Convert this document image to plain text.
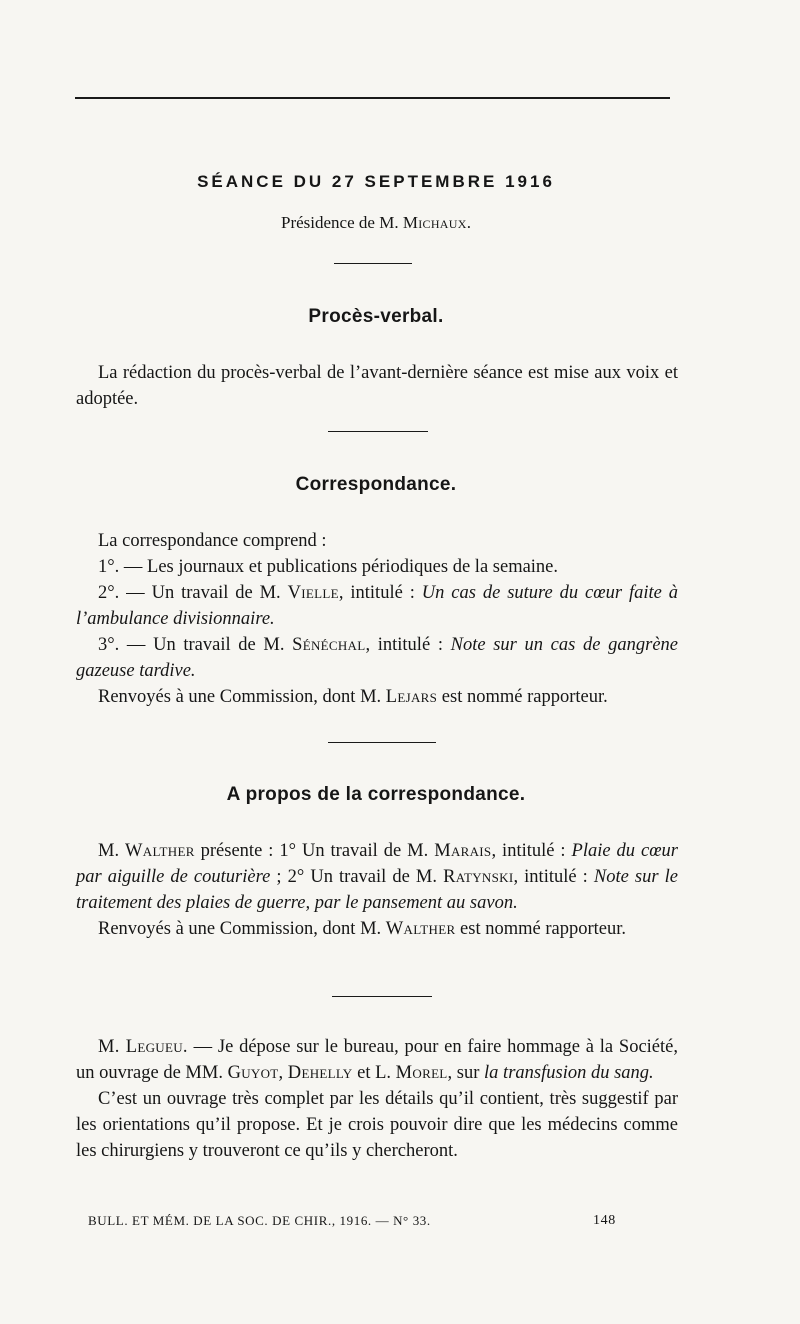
SÉANCE DU 27 SEPTEMBRE 1916
Présidence de M. Michaux.
Procès-verbal.

La rédaction du procès-verbal de l’avant-dernière séance est mise aux voix et adoptée.

Correspondance.

La correspondance comprend :

1°. — Les journaux et publications périodiques de la semaine.

2°. — Un travail de M. Vielle, intitulé : Un cas de suture du cœur faite à l’ambulance divisionnaire.

3°. — Un travail de M. Sénéchal, intitulé : Note sur un cas de gangrène gazeuse tardive.

Renvoyés à une Commission, dont M. Lejars est nommé rapporteur.

A propos de la correspondance.

M. Walther présente : 1° Un travail de M. Marais, intitulé : Plaie du cœur par aiguille de couturière ; 2° Un travail de M. Ratynski, intitulé : Note sur le traitement des plaies de guerre, par le pansement au savon.

Renvoyés à une Commission, dont M. Walther est nommé rapporteur.

M. Legueu. — Je dépose sur le bureau, pour en faire hommage à la Société, un ouvrage de MM. Guyot, Dehelly et L. Morel, sur la transfusion du sang.

C’est un ouvrage très complet par les détails qu’il contient, très suggestif par les orientations qu’il propose. Et je crois pouvoir dire que les médecins comme les chirurgiens y trouveront ce qu’ils y chercheront.

BULL. ET MÉM. DE LA SOC. DE CHIR., 1916. — N° 33.	148
